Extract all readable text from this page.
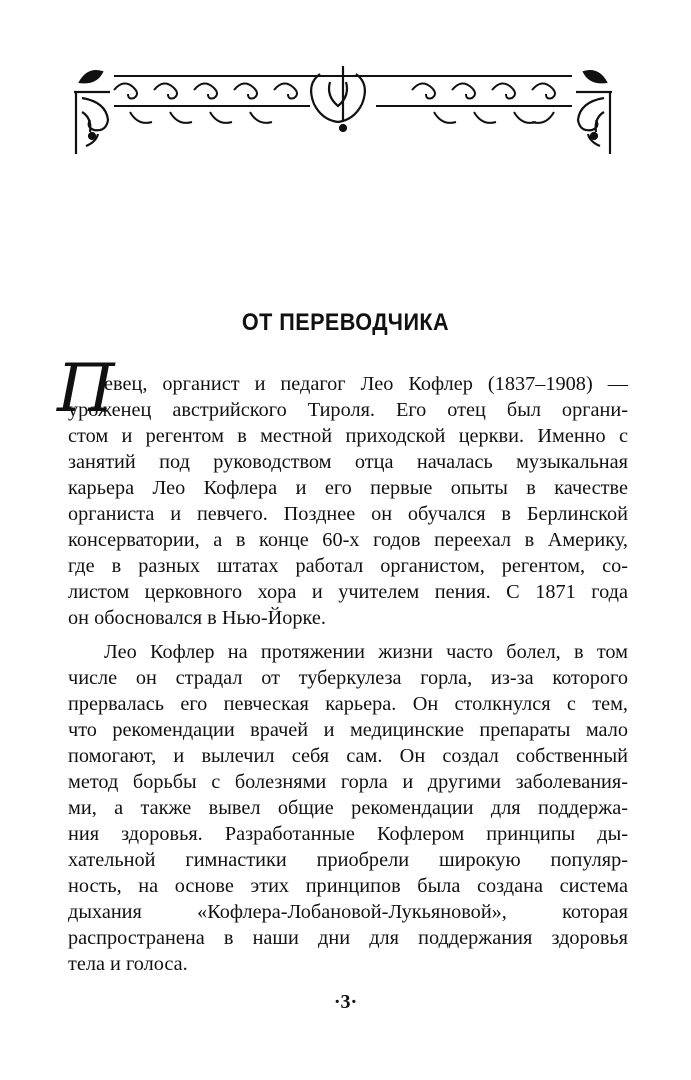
ОТ ПЕРЕВОДЧИКА
П
евец, органист и педагог Лео Кофлер (1837–1908) —
уроженец австрийского Тироля. Его отец был органи-
стом и регентом в местной приходской церкви. Именно с
занятий под руководством отца началась музыкальная
карьера Лео Кофлера и его первые опыты в качестве
органиста и певчего. Позднее он обучался в Берлинской
консерватории, а в конце 60-х годов переехал в Америку,
где в разных штатах работал органистом, регентом, со-
листом церковного хора и учителем пения. С 1871 года
он обосновался в Нью-Йорке.
Лео Кофлер на протяжении жизни часто болел, в том
числе он страдал от туберкулеза горла, из-за которого
прервалась его певческая карьера. Он столкнулся с тем,
что рекомендации врачей и медицинские препараты мало
помогают, и вылечил себя сам. Он создал собственный
метод борьбы с болезнями горла и другими заболевания-
ми, а также вывел общие рекомендации для поддержа-
ния здоровья. Разработанные Кофлером принципы ды-
хательной гимнастики приобрели широкую популяр-
ность, на основе этих принципов была создана система
дыхания «Кофлера-Лобановой-Лукьяновой», которая
распространена в наши дни для поддержания здоровья
тела и голоса.
·3·
